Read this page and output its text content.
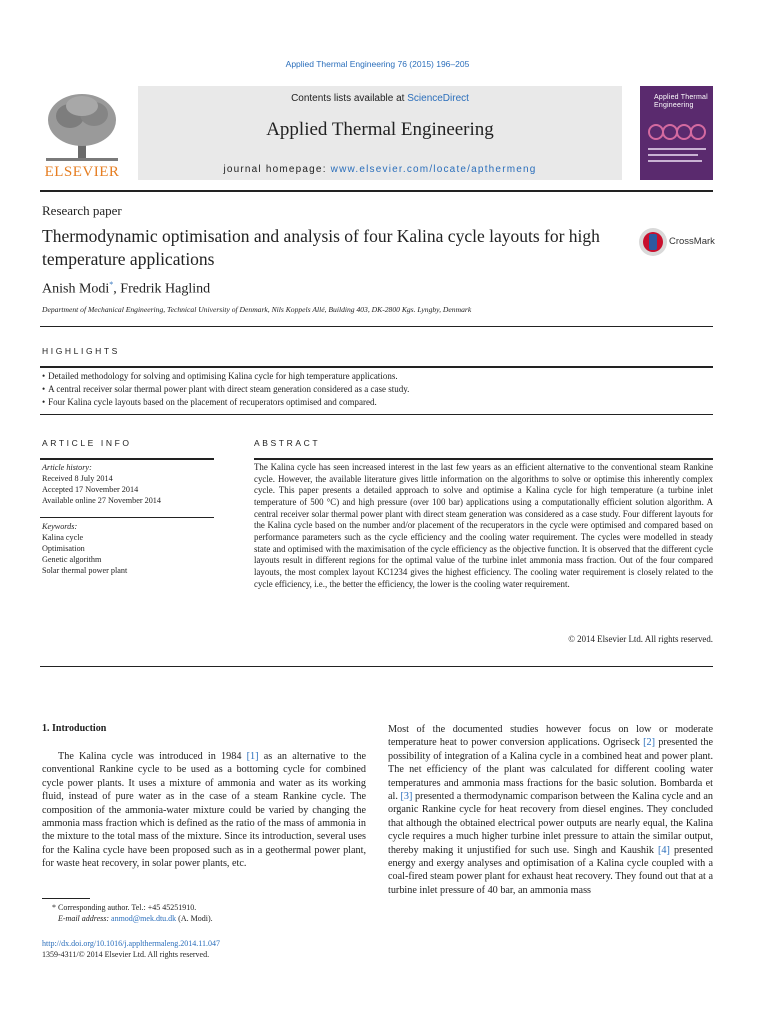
Applied Thermal Engineering 76 (2015) 196–205
ELSEVIER
Contents lists available at ScienceDirect
Applied Thermal Engineering
journal homepage: www.elsevier.com/locate/apthermeng
Applied Thermal Engineering
Research paper
Thermodynamic optimisation and analysis of four Kalina cycle layouts for high temperature applications
CrossMark
Anish Modi*, Fredrik Haglind
Department of Mechanical Engineering, Technical University of Denmark, Nils Koppels Allé, Building 403, DK-2800 Kgs. Lyngby, Denmark
HIGHLIGHTS
• Detailed methodology for solving and optimising Kalina cycle for high temperature applications.
• A central receiver solar thermal power plant with direct steam generation considered as a case study.
• Four Kalina cycle layouts based on the placement of recuperators optimised and compared.
ARTICLE INFO
Article history:
Received 8 July 2014
Accepted 17 November 2014
Available online 27 November 2014
Keywords:
Kalina cycle
Optimisation
Genetic algorithm
Solar thermal power plant
ABSTRACT
The Kalina cycle has seen increased interest in the last few years as an efficient alternative to the conventional steam Rankine cycle. However, the available literature gives little information on the algorithms to solve or optimise this inherently complex cycle. This paper presents a detailed approach to solve and optimise a Kalina cycle for high temperature (a turbine inlet temperature of 500 °C) and high pressure (over 100 bar) applications using a computationally efficient solution algorithm. A central receiver solar thermal power plant with direct steam generation was considered as a case study. Four different layouts for the Kalina cycle based on the number and/or placement of the recuperators in the cycle were optimised and compared based on performance parameters such as the cycle efficiency and the cooling water requirement. The cycles were modelled in steady state and optimised with the maximisation of the cycle efficiency as the objective function. It is observed that the different cycle layouts result in different regions for the optimal value of the turbine inlet ammonia mass fraction. Out of the four compared layouts, the most complex layout KC1234 gives the highest efficiency. The cooling water requirement is closely related to the cycle efficiency, i.e., the better the efficiency, the lower is the cooling water requirement.
© 2014 Elsevier Ltd. All rights reserved.
1. Introduction
The Kalina cycle was introduced in 1984 [1] as an alternative to the conventional Rankine cycle to be used as a bottoming cycle for combined cycle power plants. It uses a mixture of ammonia and water as its working fluid, instead of pure water as in the case of a steam Rankine cycle. The composition of the ammonia-water mixture could be varied by changing the ammonia mass fraction which is defined as the ratio of the mass of ammonia in the mixture to the total mass of the mixture. Since its introduction, several uses for the Kalina cycle have been proposed such as in a geothermal power plant, for waste heat recovery, in solar power plants, etc.
* Corresponding author. Tel.: +45 45251910.
E-mail address: anmod@mek.dtu.dk (A. Modi).
http://dx.doi.org/10.1016/j.applthermaleng.2014.11.047
1359-4311/© 2014 Elsevier Ltd. All rights reserved.
Most of the documented studies however focus on low or moderate temperature heat to power conversion applications. Ogriseck [2] presented the possibility of integration of a Kalina cycle in a combined heat and power plant. The net efficiency of the plant was calculated for different cooling water temperatures and ammonia mass fractions for the basic solution. Bombarda et al. [3] presented a thermodynamic comparison between the Kalina cycle and an organic Rankine cycle for heat recovery from diesel engines. They concluded that although the obtained electrical power outputs are nearly equal, the Kalina cycle requires a much higher turbine inlet pressure to attain the similar output, thereby making it unjustified for such use. Singh and Kaushik [4] presented energy and exergy analyses and optimisation of a Kalina cycle coupled with a coal-fired steam power plant for exhaust heat recovery. They found out that at a turbine inlet pressure of 40 bar, an ammonia mass
